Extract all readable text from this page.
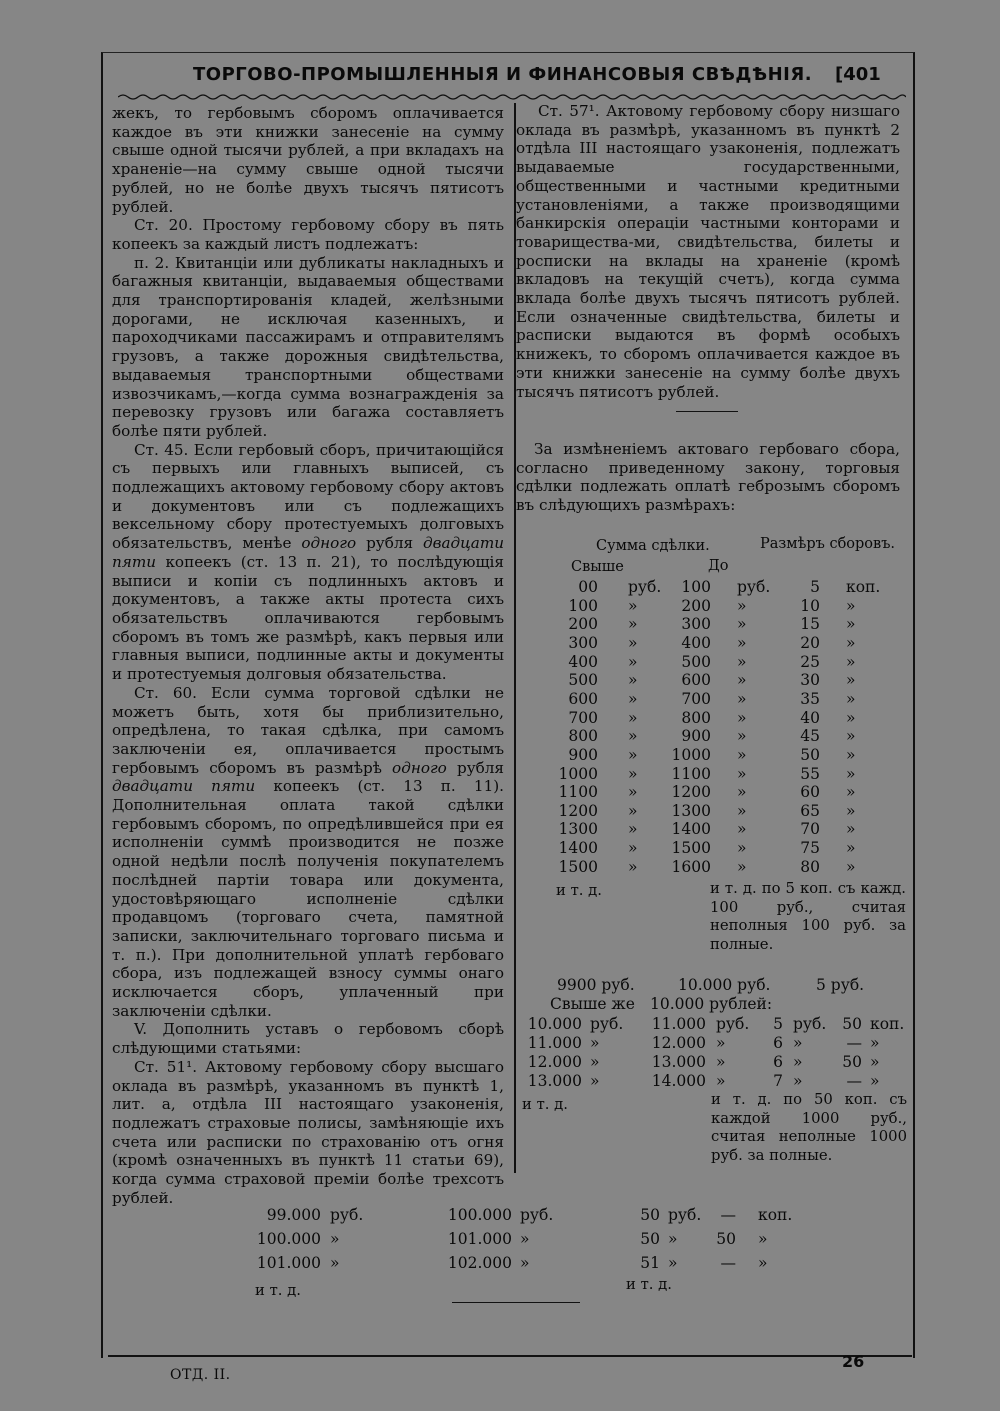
ТОРГОВО-ПРОМЫШЛЕННЫЯ И ФИНАНСОВЫЯ СВѢДѢНІЯ. [401

жекъ, то гербовымъ сборомъ оплачивается каждое въ эти книжки занесеніе на сумму свыше одной тысячи рублей, а при вкладахъ на храненіе—на сумму свыше одной тысячи рублей, но не болѣе двухъ тысячъ пятисотъ рублей.

Ст. 20. Простому гербовому сбору въ пять копеекъ за каждый листъ подлежатъ:

п. 2. Квитанціи или дубликаты накладныхъ и багажныя квитанціи, выдаваемыя обществами для транспортированія кладей, желѣзными дорогами, не исключая казенныхъ, и пароходчиками пассажирамъ и отправителямъ грузовъ, а также дорожныя свидѣтельства, выдаваемыя транспортными обществами извозчикамъ,—когда сумма вознагражденія за перевозку грузовъ или багажа составляетъ болѣе пяти рублей.

Ст. 45. Если гербовый сборъ, причитающійся съ первыхъ или главныхъ выписей, съ подлежащихъ актовому гербовому сбору актовъ и документовъ или съ подлежащихъ вексельному сбору протестуемыхъ долговыхъ обязательствъ, менѣе одного рубля двадцати пяти копеекъ (ст. 13 п. 21), то послѣдующія выписи и копіи съ подлинныхъ актовъ и документовъ, а также акты протеста сихъ обязательствъ оплачиваются гербовымъ сборомъ въ томъ же размѣрѣ, какъ первыя или главныя выписи, подлинные акты и документы и протестуемыя долговыя обязательства.

Ст. 60. Если сумма торговой сдѣлки не можетъ быть, хотя бы приблизительно, опредѣлена, то такая сдѣлка, при самомъ заключеніи ея, оплачивается простымъ гербовымъ сборомъ въ размѣрѣ одного рубля двадцати пяти копеекъ (ст. 13 п. 11). Дополнительная оплата такой сдѣлки гербовымъ сборомъ, по опредѣлившейся при ея исполненіи суммѣ производится не позже одной недѣли послѣ полученія покупателемъ послѣдней партіи товара или документа, удостовѣряющаго исполненіе сдѣлки продавцомъ (торговаго счета, памятной записки, заключительнаго торговаго письма и т. п.). При дополнительной уплатѣ гербоваго сбора, изъ подлежащей взносу суммы онаго исключается сборъ, уплаченный при заключеніи сдѣлки.

V. Дополнить уставъ о гербовомъ сборѣ слѣдующими статьями:

Ст. 51¹. Актовому гербовому сбору высшаго оклада въ размѣрѣ, указанномъ въ пунктѣ 1, лит. а, отдѣла III настоящаго узаконенія, подлежатъ страховые полисы, замѣняющіе ихъ счета или расписки по страхованію отъ огня (кромѣ означенныхъ въ пунктѣ 11 статьи 69), когда сумма страховой преміи болѣе трехсотъ рублей.

Ст. 57¹. Актовому гербовому сбору низшаго оклада въ размѣрѣ, указанномъ въ пунктѣ 2 отдѣла III настоящаго узаконенія, подлежатъ выдаваемые государственными, общественными и частными кредитными установленіями, а также производящими банкирскія операціи частными конторами и товарищества-ми, свидѣтельства, билеты и росписки на вклады на храненіе (кромѣ вкладовъ на текущій счетъ), когда сумма вклада болѣе двухъ тысячъ пятисотъ рублей. Если означенные свидѣтельства, билеты и расписки выдаются въ формѣ особыхъ книжекъ, то сборомъ оплачивается каждое въ эти книжки занесеніе на сумму болѣе двухъ тысячъ пятисотъ рублей.

За измѣненіемъ актоваго гербоваго сбора, согласно приведенному закону, торговыя сдѣлки подлежать оплатѣ геброзымъ сборомъ въ слѣдующихъ размѣрахъ:

Сумма сдѣлки.	Размѣръ сборовъ.
Свыше	До
00 руб. 100 руб.	5 коп.
100 »	200 »	10 »
200 »	300 »	15 »
300 »	400 »	20 »
400 »	500 »	25 »
500 »	600 »	30 »
600 »	700 »	35 »
700 »	800 »	40 »
800 »	900 »	45 »
900 » 1000 »	50 »
1000 » 1100 »	55 »
1100 » 1200 »	60 »
1200 » 1300 »	65 »
1300 » 1400 »	70 »
1400 » 1500 »	75 »
1500 » 1600 »	80 »
и т. д.	и т. д. по 5 коп. съ кажд. 100 руб., считая неполныя 100 руб. за полные.
9900 руб.	10.000 руб.	5 руб.
Свыше же 10.000 рублей:
10.000 руб. 11.000 руб. 5 руб. 50 коп.
11.000 »	12.000 »	6 »	— »
12.000 »	13.000 »	6 »	50 »
13.000 »	14.000 »	7 »	— »
и т. д.	и т. д. по 50 коп. съ каждой 1000 руб., считая неполные 1000 руб. за полные.
99.000 руб.	100.000 руб.	50 руб. — коп.
100.000 »	101.000 »	50 »	50 »
101.000 »	102.000 »	51 »	— »
и т. д.	и т. д.
ОТД. II.
26
